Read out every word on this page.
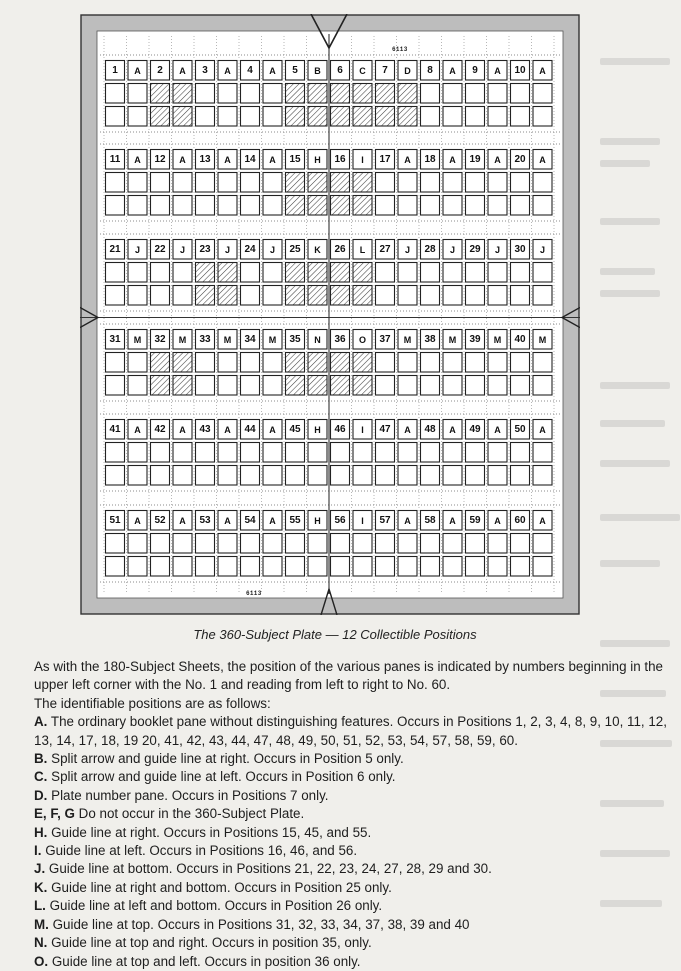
6113
6113
1	A	2	A	3	A	4	A	5	B	6	C	7	D	8	A	9	A	10	A
11	A	12	A	13	A	14	A	15	H	16	I	17	A	18	A	19	A	20	A
21	J	22	J	23	J	24	J	25	K	26	L	27	J	28	J	29	J	30	J
31	M	32	M	33	M	34	M	35	N	36	O	37	M	38	M	39	M	40	M
41	A	42	A	43	A	44	A	45	H	46	I	47	A	48	A	49	A	50	A
51	A	52	A	53	A	54	A	55	H	56	I	57	A	58	A	59	A	60	A
The 360-Subject Plate — 12 Collectible Positions

As with the 180-Subject Sheets, the position of the various panes is indicated by numbers beginning in the upper left corner with the No. 1 and reading from left to right to No. 60.

The identifiable positions are as follows:

A. The ordinary booklet pane without distinguishing features. Occurs in Positions 1, 2, 3, 4, 8, 9, 10, 11, 12, 13, 14, 17, 18, 19 20, 41, 42, 43, 44, 47, 48, 49, 50, 51, 52, 53, 54, 57, 58, 59, 60.

B. Split arrow and guide line at right. Occurs in Position 5 only.

C. Split arrow and guide line at left. Occurs in Position 6 only.

D. Plate number pane. Occurs in Positions 7 only.

E, F, G Do not occur in the 360-Subject Plate.

H. Guide line at right. Occurs in Positions 15, 45, and 55.

I. Guide line at left. Occurs in Positions 16, 46, and 56.

J. Guide line at bottom. Occurs in Positions 21, 22, 23, 24, 27, 28, 29 and 30.

K. Guide line at right and bottom. Occurs in Position 25 only.

L. Guide line at left and bottom. Occurs in Position 26 only.

M. Guide line at top. Occurs in Positions 31, 32, 33, 34, 37, 38, 39 and 40

N. Guide line at top and right. Occurs in position 35, only.

O. Guide line at top and left. Occurs in position 36 only.
